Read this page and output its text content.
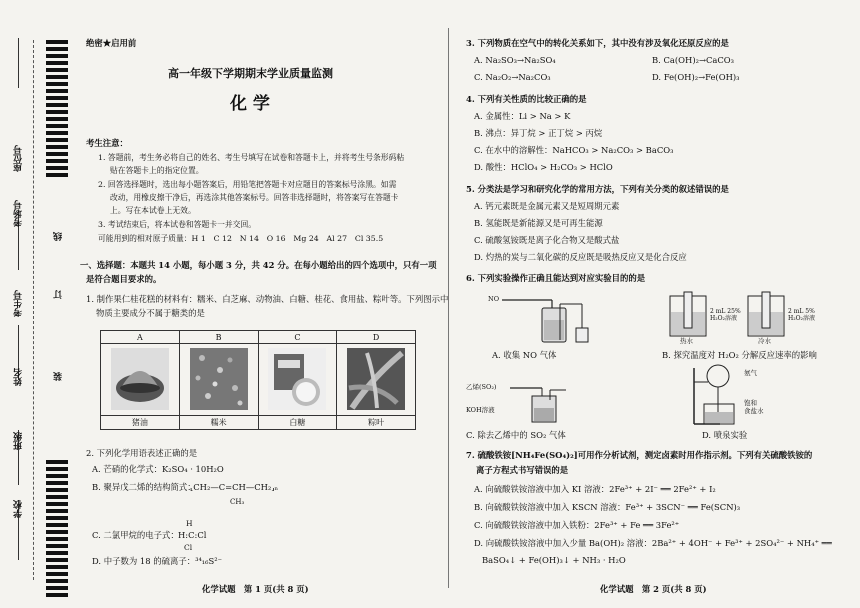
座位号
考场号
考生号
姓名
班级
学校
线
订
装
绝密★启用前
高一年级下学期期末学业质量监测
化 学
考生注意：
1. 答题前，考生务必将自己的姓名、考生号填写在试卷和答题卡上，并将考生号条形码粘
贴在答题卡上的指定位置。
2. 回答选择题时，选出每小题答案后，用铅笔把答题卡对应题目的答案标号涂黑。如需
改动，用橡皮擦干净后，再选涂其他答案标号。回答非选择题时，将答案写在答题卡
上。写在本试卷上无效。
3. 考试结束后，将本试卷和答题卡一并交回。
可能用到的相对原子质量：H 1　C 12　N 14　O 16　Mg 24　Al 27　Cl 35.5
一、选择题：本题共 14 小题，每小题 3 分，共 42 分。在每小题给出的四个选项中，只有一项
是符合题目要求的。
1. 制作果仁桂花糕的材料有：糯米、白芝麻、动物油、白糖、桂花、食用盐、粽叶等。下列图示中
物质主要成分不属于糖类的是
A	B	C	D

猪油	糯米	白糖	粽叶
2. 下列化学用语表述正确的是
A. 芒硝的化学式：K₂SO₄ · 10H₂O
B. 聚异戊二烯的结构简式：
⸤CH₂—C=CH—CH₂⸥ₙ
CH₃
C. 二氯甲烷的电子式：
H
H:C:Cl
Cl
D. 中子数为 18 的硫离子：³⁴₁₆S²⁻
化学试题　第 1 页(共 8 页)
3. 下列物质在空气中的转化关系如下，其中没有涉及氧化还原反应的是
A. Na₂SO₃→Na₂SO₄	B. Ca(OH)₂→CaCO₃
C. Na₂O₂→Na₂CO₃	D. Fe(OH)₂→Fe(OH)₃
4. 下列有关性质的比较正确的是
A. 金属性：Li > Na > K
B. 沸点：异丁烷 > 正丁烷 > 丙烷
C. 在水中的溶解性：NaHCO₃ > Na₂CO₃ > BaCO₃
D. 酸性：HClO₄ > H₂CO₃ > HClO
5. 分类法是学习和研究化学的常用方法，下列有关分类的叙述错误的是
A. 钙元素既是金属元素又是短周期元素
B. 氢能既是新能源又是可再生能源
C. 硫酸氢铵既是离子化合物又是酸式盐
D. 灼热的炭与二氧化碳的反应既是吸热反应又是化合反应
6. 下列实验操作正确且能达到对应实验目的的是
NO
A. 收集 NO 气体
2 mL 25%
H₂O₂溶液
2 mL 5%
H₂O₂溶液
热水	冷水
B. 探究温度对 H₂O₂ 分解反应速率的影响
乙烯(SO₂)
KOH溶液
C. 除去乙烯中的 SO₂ 气体
氨气
饱和
食盐水
D. 喷泉实验
7. 硫酸铁铵[NH₄Fe(SO₄)₂]可用作分析试剂，测定卤素时用作指示剂。下列有关硫酸铁铵的
离子方程式书写错误的是
A. 向硫酸铁铵溶液中加入 KI 溶液：2Fe³⁺ + 2I⁻ ══ 2Fe²⁺ + I₂
B. 向硫酸铁铵溶液中加入 KSCN 溶液：Fe³⁺ + 3SCN⁻ ══ Fe(SCN)₃
C. 向硫酸铁铵溶液中加入铁粉：2Fe³⁺ + Fe ══ 3Fe²⁺
D. 向硫酸铁铵溶液中加入少量 Ba(OH)₂ 溶液：2Ba²⁺ + 4OH⁻ + Fe³⁺ + 2SO₄²⁻ + NH₄⁺ ══
BaSO₄↓ + Fe(OH)₃↓ + NH₃ · H₂O
化学试题　第 2 页(共 8 页)
